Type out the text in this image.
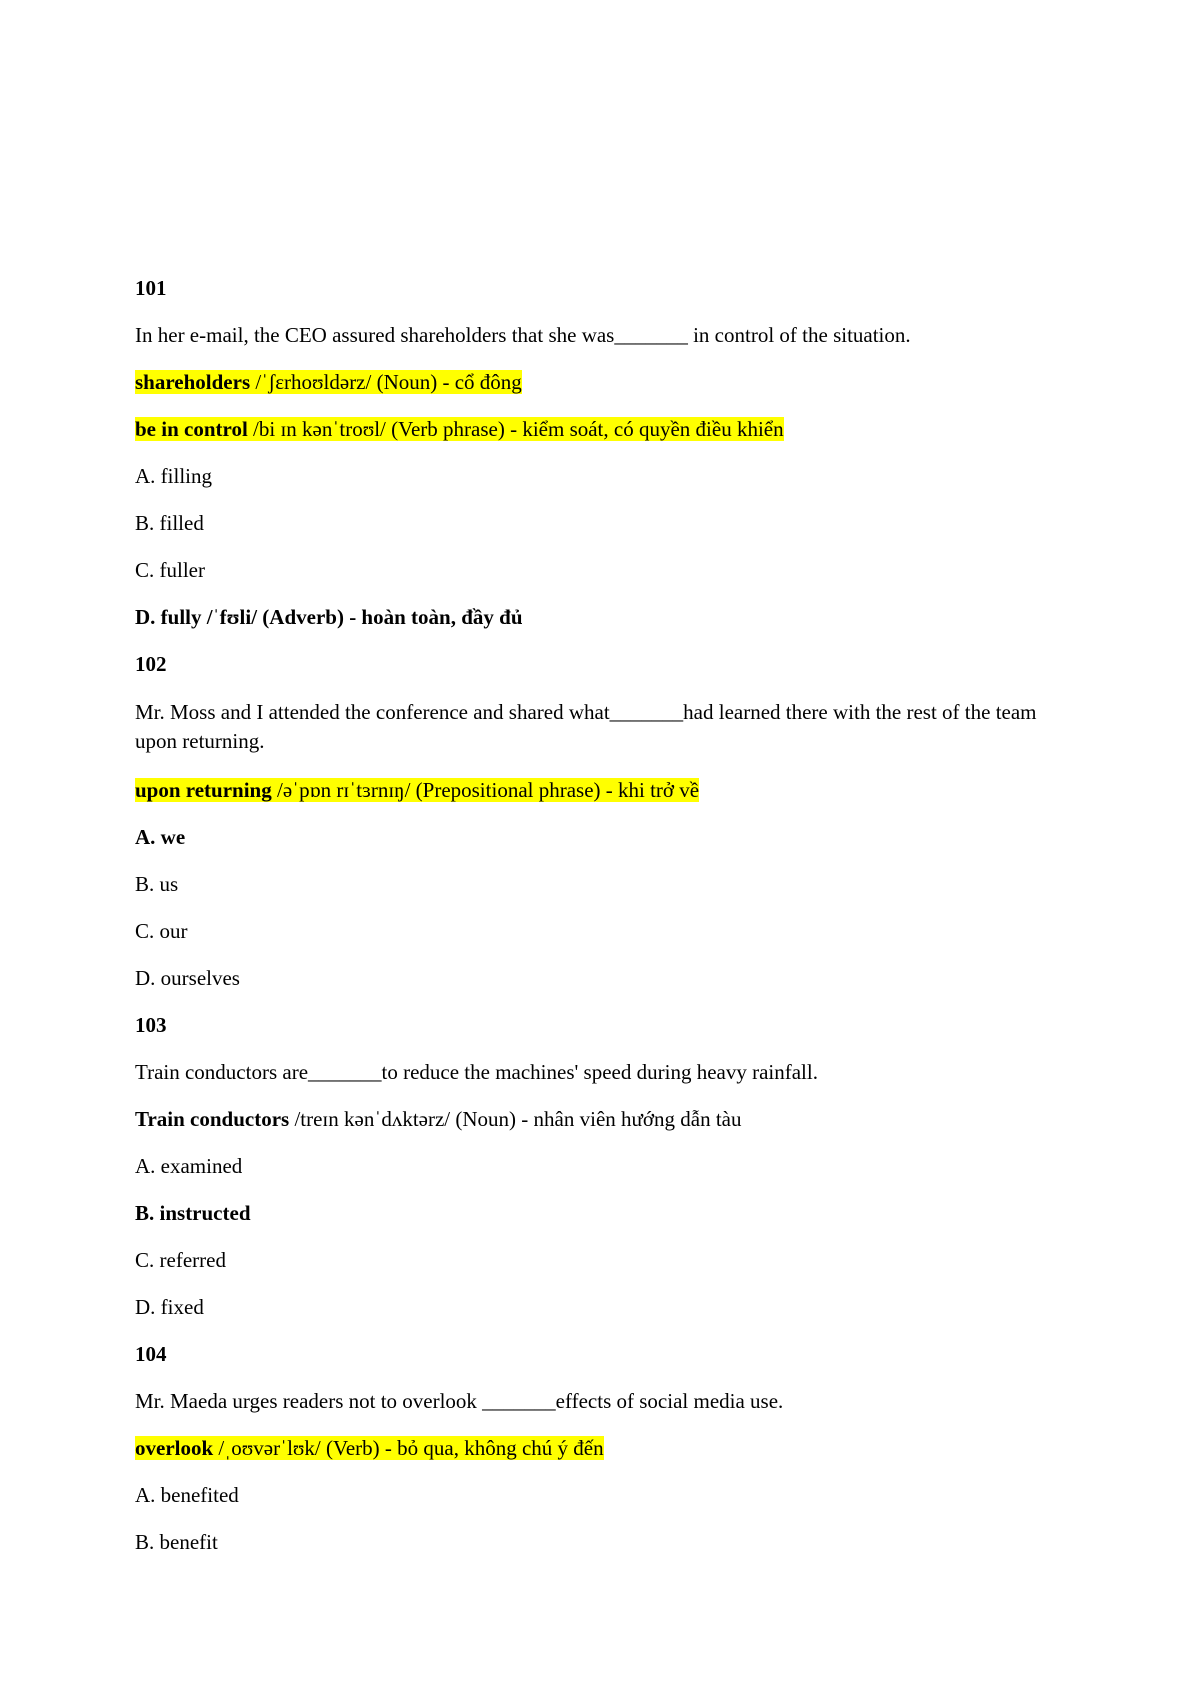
101
In her e-mail, the CEO assured shareholders that she was_______ in control of the situation.
shareholders /ˈʃɛrhoʊldərz/ (Noun) - cổ đông
be in control /bi ɪn kənˈtroʊl/ (Verb phrase) - kiểm soát, có quyền điều khiển
A. filling
B. filled
C. fuller
D. fully /ˈfʊli/ (Adverb) - hoàn toàn, đầy đủ
102
Mr. Moss and I attended the conference and shared what_______had learned there with the rest of the team upon returning.
upon returning /əˈpɒn rɪˈtɜrnɪŋ/ (Prepositional phrase) - khi trở về
A. we
B. us
C. our
D. ourselves
103
Train conductors are_______to reduce the machines' speed during heavy rainfall.
Train conductors /treɪn kənˈdʌktərz/ (Noun) - nhân viên hướng dẫn tàu
A. examined
B. instructed
C. referred
D. fixed
104
Mr. Maeda urges readers not to overlook _______effects of social media use.
overlook /ˌoʊvərˈlʊk/ (Verb) - bỏ qua, không chú ý đến
A. benefited
B. benefit
